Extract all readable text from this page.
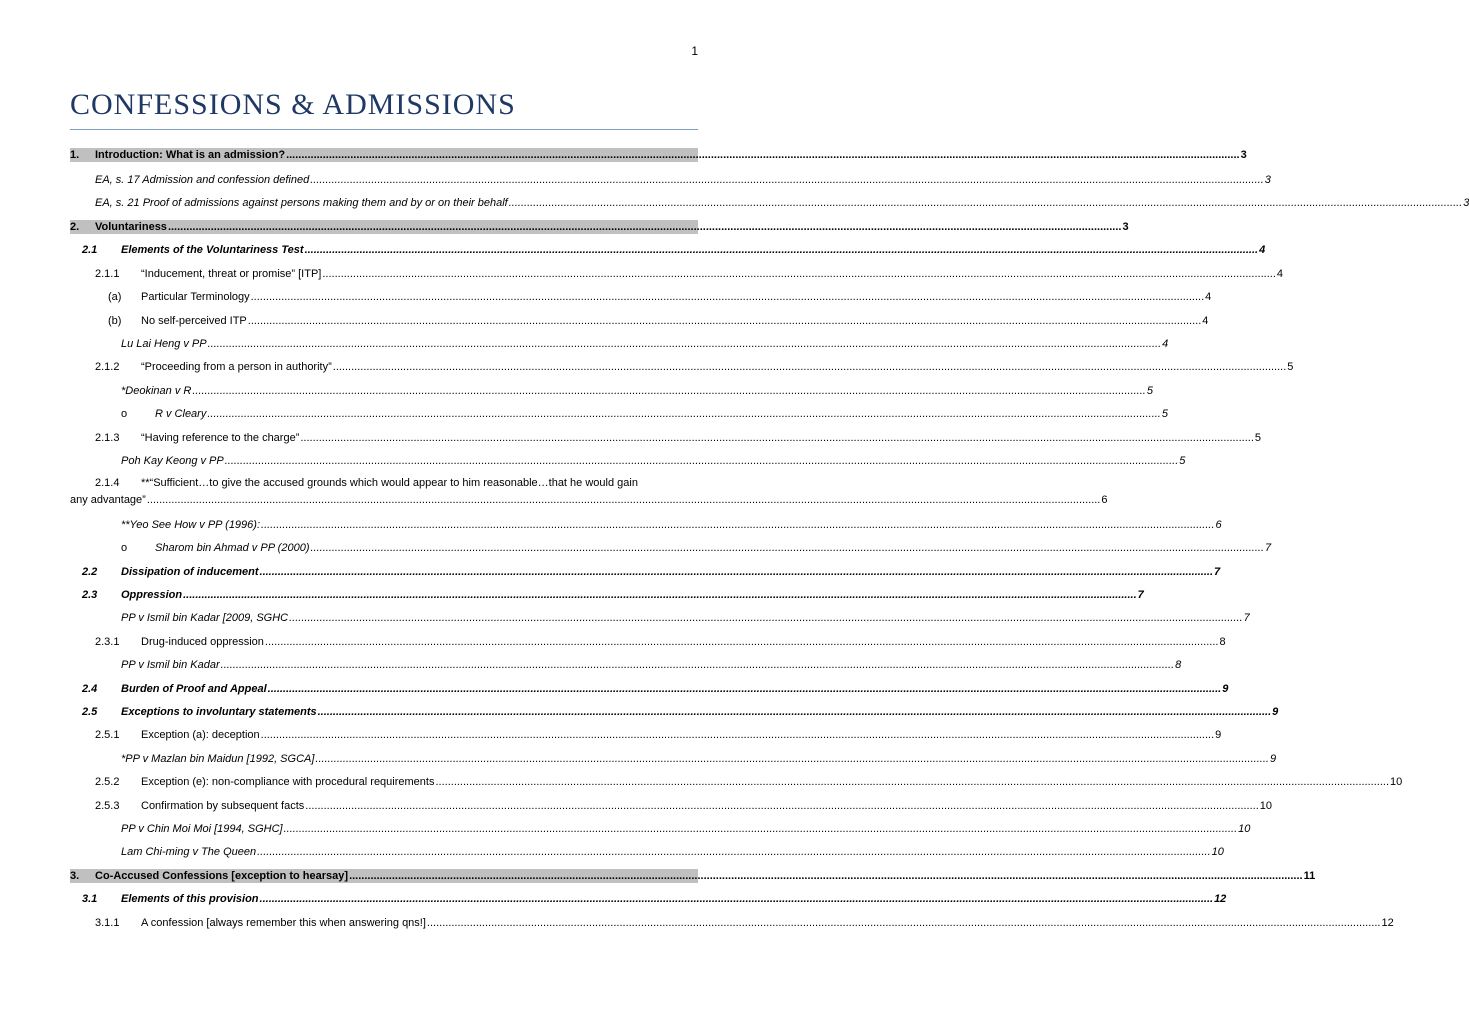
1
CONFESSIONS & ADMISSIONS
1.	Introduction: What is an admission? .....	3
EA, s. 17 Admission and confession defined .....	3
EA, s. 21 Proof of admissions against persons making them and by or on their behalf .....	3
2.	Voluntariness .....	3
2.1	Elements of the Voluntariness Test .....	4
2.1.1	“Inducement, threat or promise” [ITP] .....	4
(a)	Particular Terminology .....	4
(b)	No self-perceived ITP .....	4
Lu Lai Heng v PP .....	4
2.1.2	“Proceeding from a person in authority” .....	5
*Deokinan v R .....	5
o	R v Cleary .....	5
2.1.3	“Having reference to the charge” .....	5
Poh Kay Keong v PP .....	5
2.1.4 **“Sufficient…to give the accused grounds which would appear to him reasonable…that he would gain
any advantage” .....	6
**Yeo See How v PP (1996): .....	6
o	Sharom bin Ahmad v PP (2000) .....	7
2.2	Dissipation of inducement .....	7
2.3	Oppression .....	7
PP v Ismil bin Kadar [2009, SGHC .....	7
2.3.1	Drug-induced oppression .....	8
PP v Ismil bin Kadar .....	8
2.4	Burden of Proof and Appeal .....	9
2.5	Exceptions to involuntary statements .....	9
2.5.1	Exception (a): deception .....	9
*PP v Mazlan bin Maidun [1992, SGCA] .....	9
2.5.2	Exception (e): non-compliance with procedural requirements .....	10
2.5.3	Confirmation by subsequent facts .....	10
PP v Chin Moi Moi [1994, SGHC] .....	10
Lam Chi-ming v The Queen .....	10
3.	Co-Accused Confessions [exception to hearsay] .....	11
3.1	Elements of this provision .....	12
3.1.1	A confession [always remember this when answering qns!] .....	12
